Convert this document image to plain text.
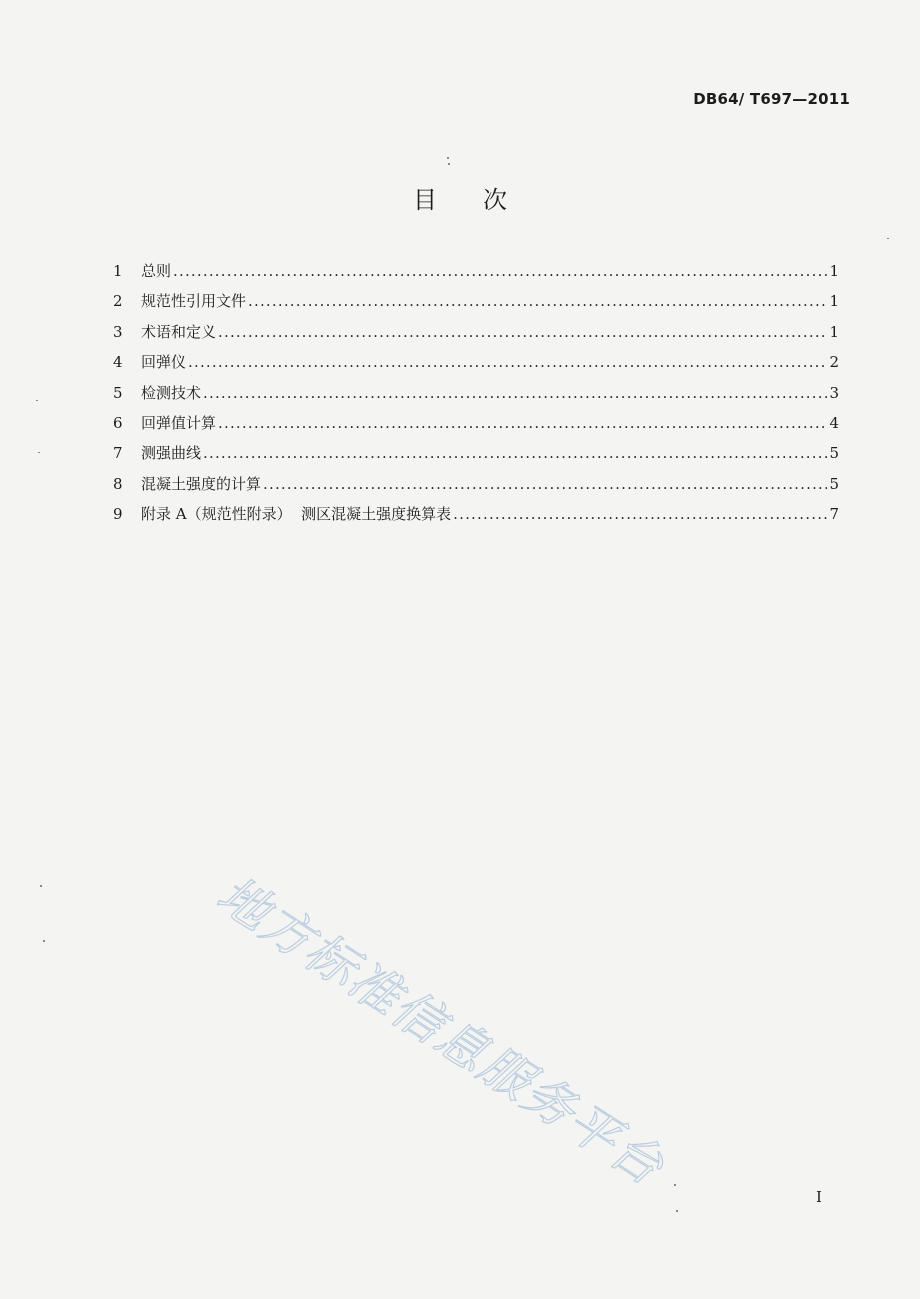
DB64/ T697—2011
目次
1	总则 .....	1
2	规范性引用文件 .....	1
3	术语和定义 .....	1
4	回弹仪 .....	2
5	检测技术 .....	3
6	回弹值计算 .....	4
7	测强曲线 .....	5
8	混凝土强度的计算 .....	5
9	附录 A（规范性附录）  测区混凝土强度换算表 .....	7
地方标准信息服务平台
I
